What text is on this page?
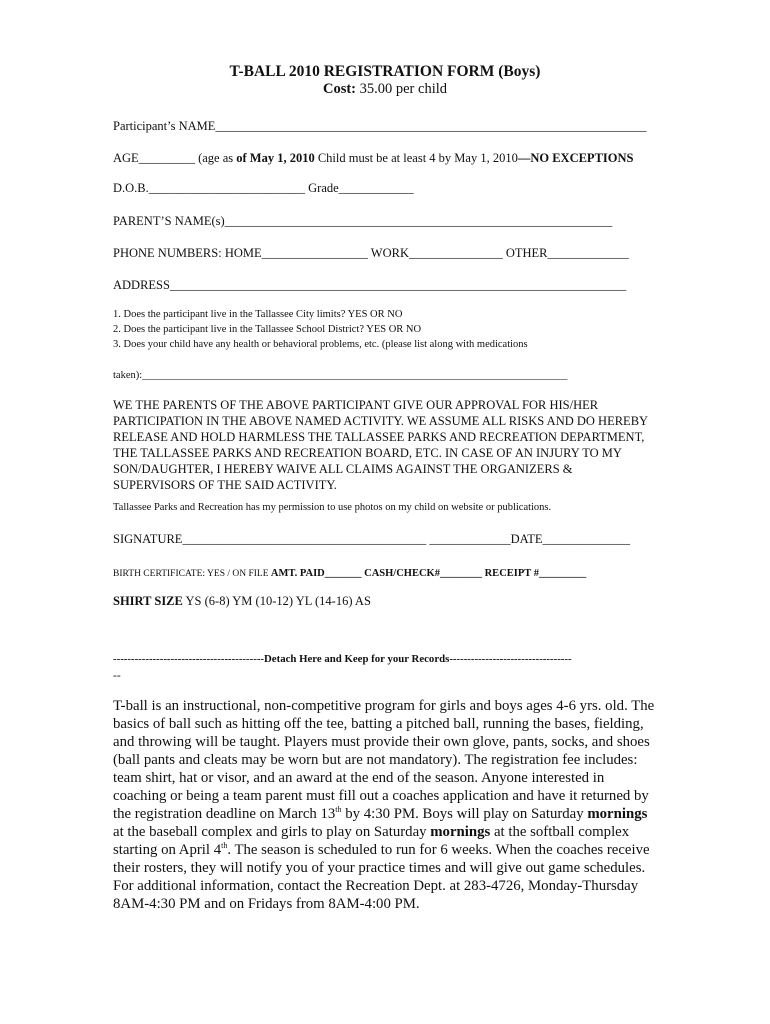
T-BALL 2010 REGISTRATION FORM (Boys)
Cost: 35.00 per child
Participant’s NAME_____________________________________________________________________
AGE_________ (age as of May 1, 2010 Child must be at least 4 by May 1, 2010—NO EXCEPTIONS
D.O.B._________________________ Grade____________
PARENT’S NAME(s)______________________________________________________________
PHONE NUMBERS: HOME_________________ WORK_______________ OTHER_____________
ADDRESS_________________________________________________________________________
1. Does the participant live in the Tallassee City limits? YES OR NO
2. Does the participant live in the Tallassee School District? YES OR NO
3. Does your child have any health or behavioral problems, etc. (please list along with medications
taken):_________________________________________________________________________________
WE THE PARENTS OF THE ABOVE PARTICIPANT GIVE OUR APPROVAL FOR HIS/HER PARTICIPATION IN THE ABOVE NAMED ACTIVITY. WE ASSUME ALL RISKS AND DO HEREBY RELEASE AND HOLD HARMLESS THE TALLASSEE PARKS AND RECREATION DEPARTMENT, THE TALLASSEE PARKS AND RECREATION BOARD, ETC. IN CASE OF AN INJURY TO MY SON/DAUGHTER, I HEREBY WAIVE ALL CLAIMS AGAINST THE ORGANIZERS & SUPERVISORS OF THE SAID ACTIVITY.
Tallassee Parks and Recreation has my permission to use photos on my child on website or publications.
SIGNATURE_______________________________________ _____________DATE______________
BIRTH CERTIFICATE: YES / ON FILE AMT. PAID_______ CASH/CHECK#________ RECEIPT #_________
SHIRT SIZE YS (6-8) YM (10-12) YL (14-16) AS
------------------------------------------Detach Here and Keep for your Records----------------------------------
--
T-ball is an instructional, non-competitive program for girls and boys ages 4-6 yrs. old. The basics of ball such as hitting off the tee, batting a pitched ball, running the bases, fielding, and throwing will be taught. Players must provide their own glove, pants, socks, and shoes (ball pants and cleats may be worn but are not mandatory). The registration fee includes: team shirt, hat or visor, and an award at the end of the season. Anyone interested in coaching or being a team parent must fill out a coaches application and have it returned by the registration deadline on March 13th by 4:30 PM. Boys will play on Saturday mornings at the baseball complex and girls to play on Saturday mornings at the softball complex starting on April 4th. The season is scheduled to run for 6 weeks. When the coaches receive their rosters, they will notify you of your practice times and will give out game schedules. For additional information, contact the Recreation Dept. at 283-4726, Monday-Thursday 8AM-4:30 PM and on Fridays from 8AM-4:00 PM.
